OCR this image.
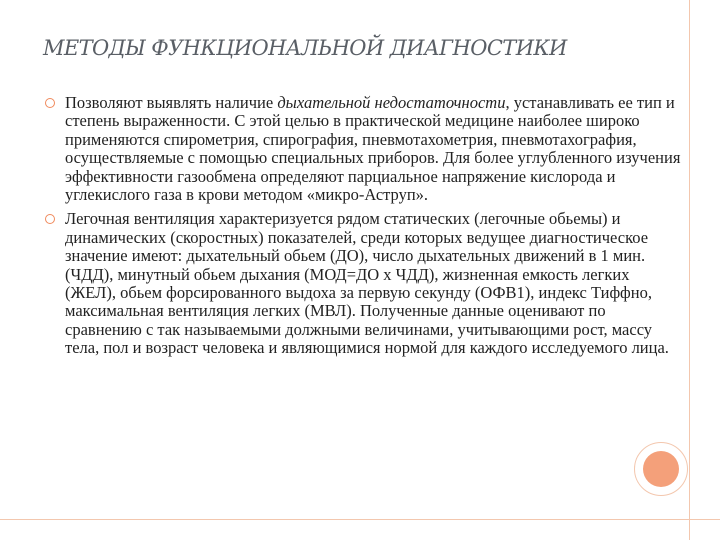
МЕТОДЫ ФУНКЦИОНАЛЬНОЙ ДИАГНОСТИКИ

Позволяют выявлять наличие дыхательной недостаточности, устанавливать ее тип и степень выраженности. С этой целью в практической медицине наиболее широко применяются спирометрия, спирография, пневмотахометрия, пневмотахография, осуществляемые с помощью специальных приборов. Для более углубленного изучения эффективности газообмена определяют парциальное напряжение кислорода и углекислого газа в крови методом «микро-Аструп».

Легочная вентиляция характеризуется рядом статических (легочные обьемы) и динамических (скоростных) показателей, среди которых ведущее диагностическое значение имеют: дыхательный обьем (ДО), число дыхательных движений в 1 мин. (ЧДД), минутный обьем дыхания (МОД=ДО х ЧДД), жизненная емкость легких (ЖЕЛ), обьем форсированного выдоха за первую секунду (ОФВ1), индекс Тиффно, максимальная вентиляция легких (МВЛ). Полученные данные оценивают по сравнению с так называемыми должными величинами, учитывающими рост, массу тела, пол и возраст человека и являющимися нормой для каждого исследуемого лица.
